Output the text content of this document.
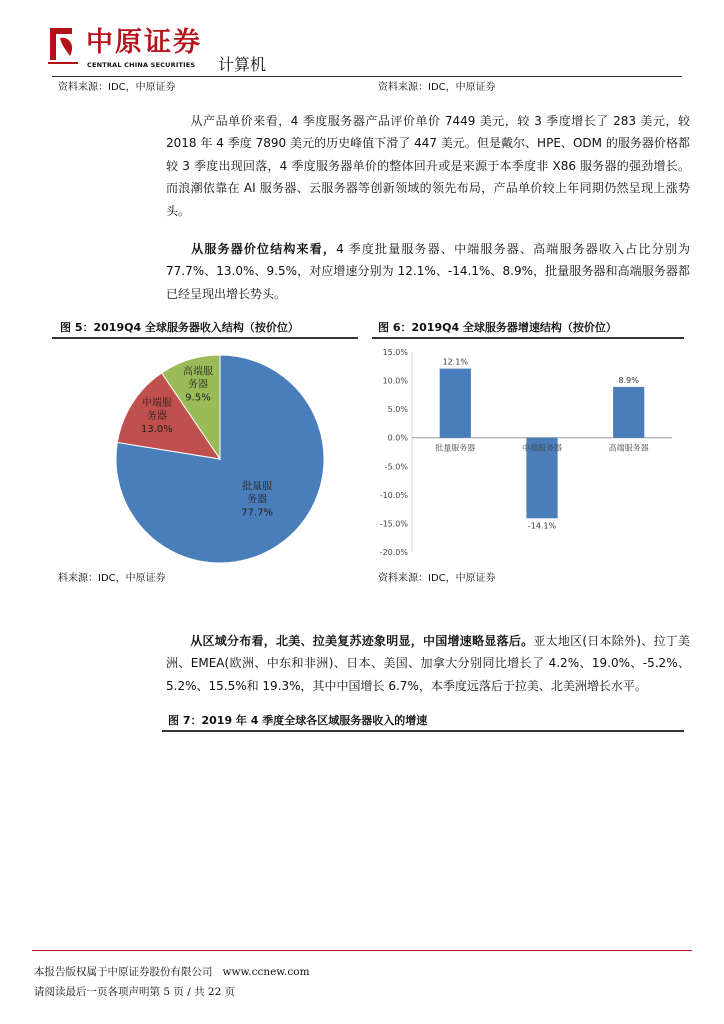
中原证券
CENTRAL CHINA SECURITIES 计算机
资料来源：IDC，中原证券	资料来源：IDC，中原证券
从产品单价来看，4 季度服务器产品评价单价 7449 美元，较 3 季度增长了 283 美元，较 2018 年 4 季度 7890 美元的历史峰值下滑了 447 美元。但是戴尔、HPE、ODM 的服务器价格都较 3 季度出现回落，4 季度服务器单价的整体回升或是来源于本季度非 X86 服务器的强劲增长。而浪潮依靠在 AI 服务器、云服务器等创新领域的领先布局，产品单价较上年同期仍然呈现上涨势头。
从服务器价位结构来看，4 季度批量服务器、中端服务器、高端服务器收入占比分别为 77.7%、13.0%、9.5%，对应增速分别为 12.1%、-14.1%、8.9%，批量服务器和高端服务器都已经呈现出增长势头。
图 5：2019Q4 全球服务器收入结构（按价位）	图 6：2019Q4 全球服务器增速结构（按价位）
批量服
务器
77.7%
中端服
务器
13.0%
高端服
务器
9.5%
15.0%
10.0%
5.0%
0.0%
-5.0%
-10.0%
-15.0%
-20.0%
12.1%
批量服务器
-14.1%
中端服务器
8.9%
高端服务器
料来源：IDC，中原证券	资料来源：IDC，中原证券
从区域分布看，北美、拉美复苏迹象明显，中国增速略显落后。亚太地区(日本除外)、拉丁美洲、EMEA(欧洲、中东和非洲)、日本、美国、加拿大分别同比增长了 4.2%、19.0%、-5.2%、5.2%、15.5%和 19.3%，其中中国增长 6.7%，本季度远落后于拉美、北美洲增长水平。
图 7：2019 年 4 季度全球各区域服务器收入的增速
本报告版权属于中原证券股份有限公司 www.ccnew.com
请阅读最后一页各项声明第 5 页 / 共 22 页
